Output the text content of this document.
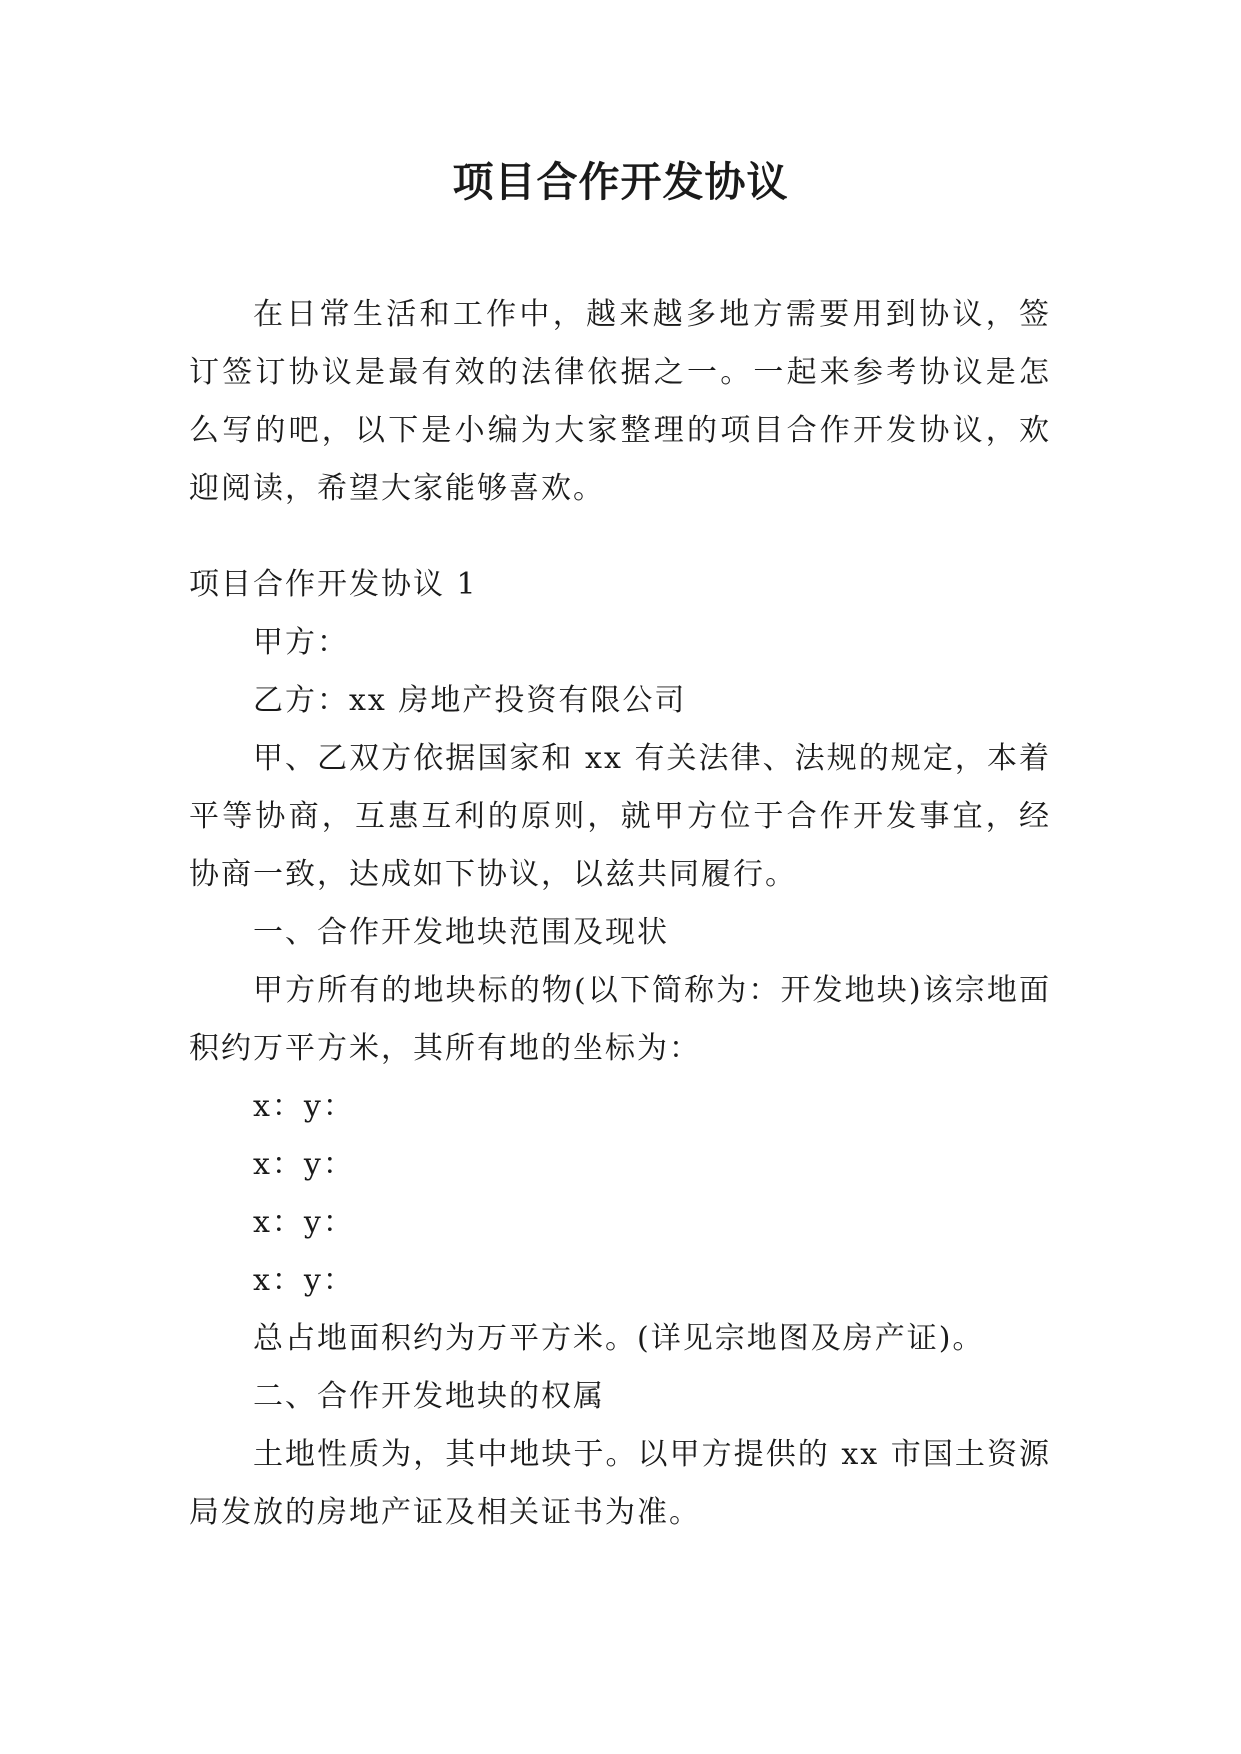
项目合作开发协议

在日常生活和工作中，越来越多地方需要用到协议，签订签订协议是最有效的法律依据之一。一起来参考协议是怎么写的吧，以下是小编为大家整理的项目合作开发协议，欢迎阅读，希望大家能够喜欢。

项目合作开发协议 1

甲方：

乙方：xx 房地产投资有限公司

甲、乙双方依据国家和 xx 有关法律、法规的规定，本着平等协商，互惠互利的原则，就甲方位于合作开发事宜，经协商一致，达成如下协议，以兹共同履行。

一、合作开发地块范围及现状

甲方所有的地块标的物(以下简称为：开发地块)该宗地面积约万平方米，其所有地的坐标为：

x：y：

x：y：

x：y：

x：y：

总占地面积约为万平方米。(详见宗地图及房产证)。

二、合作开发地块的权属

土地性质为，其中地块于。以甲方提供的 xx 市国土资源局发放的房地产证及相关证书为准。
